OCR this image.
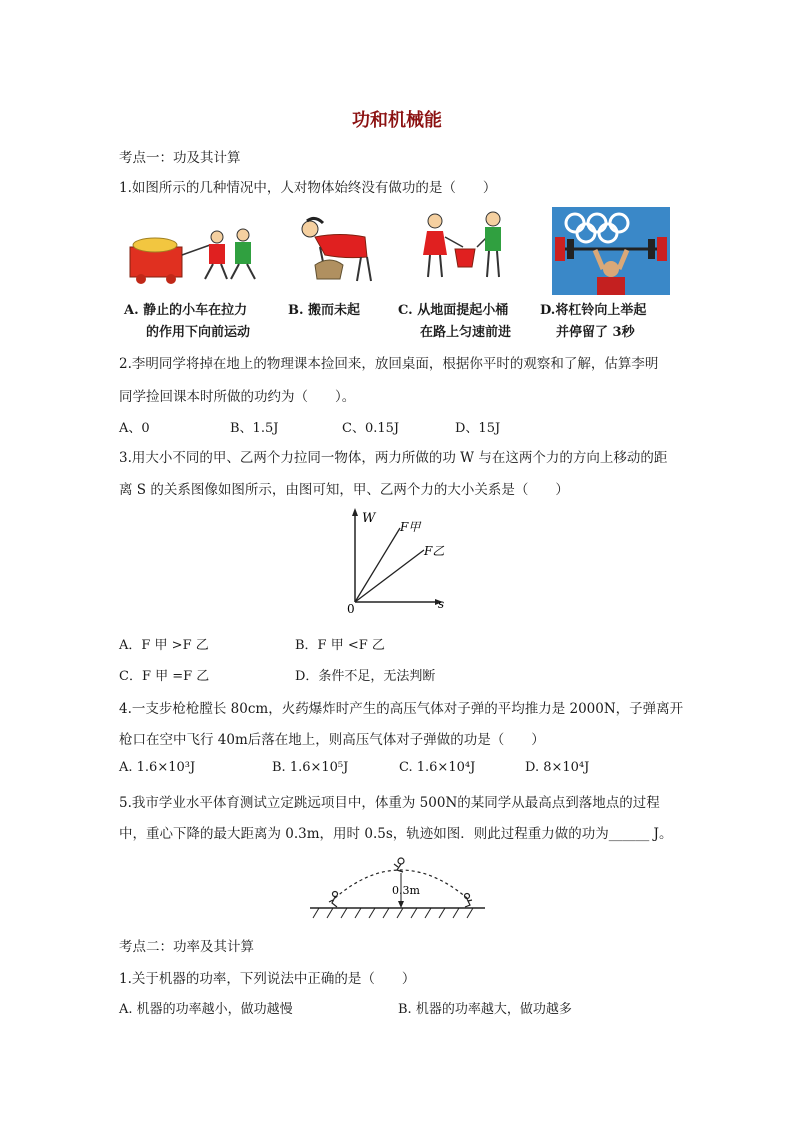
功和机械能
考点一：功及其计算
1.如图所示的几种情况中，人对物体始终没有做功的是（　　）
A. 静止的小车在拉力
的作用下向前运动
B. 搬而未起	C. 从地面提起小桶
在路上匀速前进
D.将杠铃向上举起
并停留了 3秒
2.李明同学将掉在地上的物理课本捡回来，放回桌面，根据你平时的观察和了解，估算李明
同学捡回课本时所做的功约为（　　）。
A、0	B、1.5J	C、0.15J	D、15J
3.用大小不同的甲、乙两个力拉同一物体，两力所做的功 W 与在这两个力的方向上移动的距
离 S 的关系图像如图所示，由图可知，甲、乙两个力的大小关系是（　　）
W
s
0
F甲
F乙
A．F 甲 >F 乙	B．F 甲 <F 乙
C．F 甲 =F 乙	D．条件不足，无法判断
4.一支步枪枪膛长 80cm，火药爆炸时产生的高压气体对子弹的平均推力是 2000N，子弹离开
枪口在空中飞行 40m后落在地上，则高压气体对子弹做的功是（　　）
A. 1.6×10³J	B. 1.6×10⁵J	C. 1.6×10⁴J	D. 8×10⁴J
5.我市学业水平体育测试立定跳远项目中，体重为 500N的某同学从最高点到落地点的过程
中，重心下降的最大距离为 0.3m，用时 0.5s，轨迹如图．则此过程重力做的功为______ J。
0.3m
考点二：功率及其计算
1.关于机器的功率，下列说法中正确的是（　　）
A. 机器的功率越小，做功越慢	B. 机器的功率越大，做功越多
